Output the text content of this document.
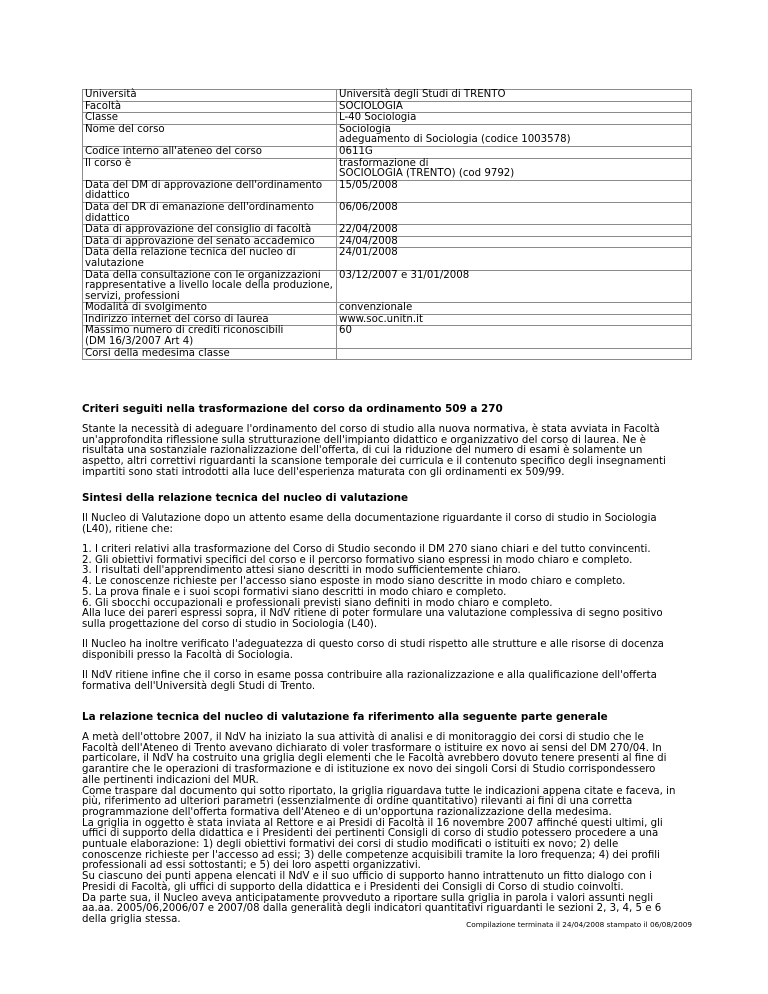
Università	Università degli Studi di TRENTO

Facoltà	SOCIOLOGIA

Classe	L-40 Sociologia

Nome del corso	Sociologia
adeguamento di Sociologia (codice 1003578)

Codice interno all'ateneo del corso	0611G

Il corso è	trasformazione di
SOCIOLOGIA (TRENTO) (cod 9792)

Data del DM di approvazione dell'ordinamento
didattico	15/05/2008

Data del DR di emanazione dell'ordinamento
didattico	06/06/2008

Data di approvazione del consiglio di facoltà	22/04/2008

Data di approvazione del senato accademico	24/04/2008

Data della relazione tecnica del nucleo di
valutazione	24/01/2008

Data della consultazione con le organizzazioni
rappresentative a livello locale della produzione,
servizi, professioni	03/12/2007 e 31/01/2008

Modalità di svolgimento	convenzionale

Indirizzo internet del corso di laurea	www.soc.unitn.it

Massimo numero di crediti riconoscibili
(DM 16/3/2007 Art 4)	60

Corsi della medesima classe	

Criteri seguiti nella trasformazione del corso da ordinamento 509 a 270
Stante la necessità di adeguare l'ordinamento del corso di studio alla nuova normativa, è stata avviata in Facoltà
un'approfondita riflessione sulla strutturazione dell'impianto didattico e organizzativo del corso di laurea. Ne è
risultata una sostanziale razionalizzazione dell'offerta, di cui la riduzione del numero di esami è solamente un
aspetto, altri correttivi riguardanti la scansione temporale dei curricula e il contenuto specifico degli insegnamenti
impartiti sono stati introdotti alla luce dell'esperienza maturata con gli ordinamenti ex 509/99.
Sintesi della relazione tecnica del nucleo di valutazione
Il Nucleo di Valutazione dopo un attento esame della documentazione riguardante il corso di studio in Sociologia
(L40), ritiene che:
1. I criteri relativi alla trasformazione del Corso di Studio secondo il DM 270 siano chiari e del tutto convincenti.
2. Gli obiettivi formativi specifici del corso e il percorso formativo siano espressi in modo chiaro e completo.
3. I risultati dell'apprendimento attesi siano descritti in modo sufficientemente chiaro.
4. Le conoscenze richieste per l'accesso siano esposte in modo siano descritte in modo chiaro e completo.
5. La prova finale e i suoi scopi formativi siano descritti in modo chiaro e completo.
6. Gli sbocchi occupazionali e professionali previsti siano definiti in modo chiaro e completo.
Alla luce dei pareri espressi sopra, il NdV ritiene di poter formulare una valutazione complessiva di segno positivo
sulla progettazione del corso di studio in Sociologia (L40).
Il Nucleo ha inoltre verificato l'adeguatezza di questo corso di studi rispetto alle strutture e alle risorse di docenza
disponibili presso la Facoltà di Sociologia.
Il NdV ritiene infine che il corso in esame possa contribuire alla razionalizzazione e alla qualificazione dell'offerta
formativa dell'Università degli Studi di Trento.
La relazione tecnica del nucleo di valutazione fa riferimento alla seguente parte generale
A metà dell'ottobre 2007, il NdV ha iniziato la sua attività di analisi e di monitoraggio dei corsi di studio che le
Facoltà dell'Ateneo di Trento avevano dichiarato di voler trasformare o istituire ex novo ai sensi del DM 270/04. In
particolare, il NdV ha costruito una griglia degli elementi che le Facoltà avrebbero dovuto tenere presenti al fine di
garantire che le operazioni di trasformazione e di istituzione ex novo dei singoli Corsi di Studio corrispondessero
alle pertinenti indicazioni del MUR.
Come traspare dal documento qui sotto riportato, la griglia riguardava tutte le indicazioni appena citate e faceva, in
più, riferimento ad ulteriori parametri (essenzialmente di ordine quantitativo) rilevanti ai fini di una corretta
programmazione dell'offerta formativa dell'Ateneo e di un'opportuna razionalizzazione della medesima.
La griglia in oggetto è stata inviata al Rettore e ai Presidi di Facoltà il 16 novembre 2007 affinché questi ultimi, gli
uffici di supporto della didattica e i Presidenti dei pertinenti Consigli di corso di studio potessero procedere a una
puntuale elaborazione: 1) degli obiettivi formativi dei corsi di studio modificati o istituiti ex novo; 2) delle
conoscenze richieste per l'accesso ad essi; 3) delle competenze acquisibili tramite la loro frequenza; 4) dei profili
professionali ad essi sottostanti; e 5) dei loro aspetti organizzativi.
Su ciascuno dei punti appena elencati il NdV e il suo ufficio di supporto hanno intrattenuto un fitto dialogo con i
Presidi di Facoltà, gli uffici di supporto della didattica e i Presidenti dei Consigli di Corso di studio coinvolti.
Da parte sua, il Nucleo aveva anticipatamente provveduto a riportare sulla griglia in parola i valori assunti negli
aa.aa. 2005/06,2006/07 e 2007/08 dalla generalità degli indicatori quantitativi riguardanti le sezioni 2, 3, 4, 5 e 6
della griglia stessa.	Compilazione terminata il 24/04/2008 stampato il 06/08/2009
